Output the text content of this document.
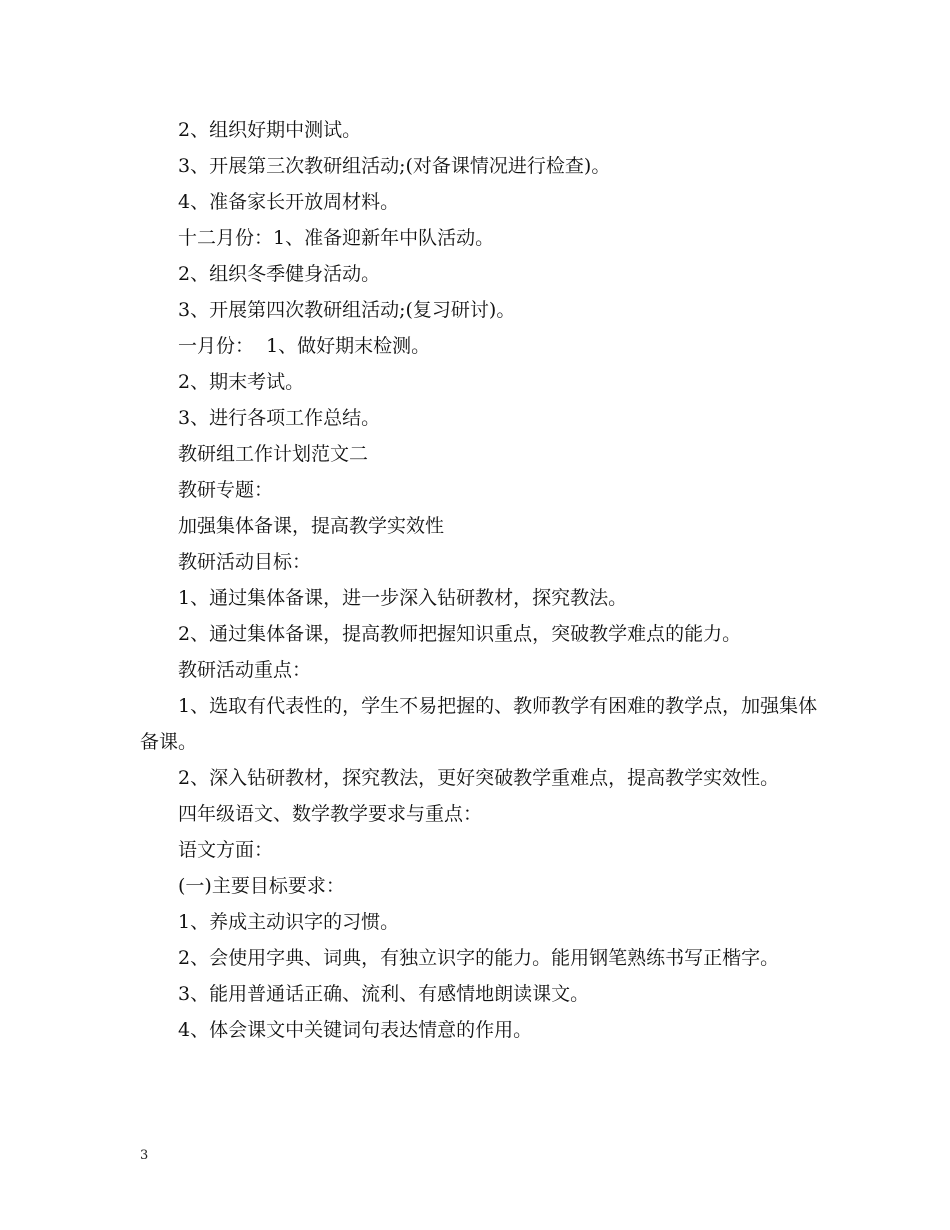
2、组织好期中测试。

3、开展第三次教研组活动;(对备课情况进行检查)。

4、准备家长开放周材料。

十二月份：1、准备迎新年中队活动。

2、组织冬季健身活动。

3、开展第四次教研组活动;(复习研讨)。

一月份：  1、做好期末检测。

2、期末考试。

3、进行各项工作总结。

教研组工作计划范文二

教研专题：

加强集体备课，提高教学实效性

教研活动目标：

1、通过集体备课，进一步深入钻研教材，探究教法。

2、通过集体备课，提高教师把握知识重点，突破教学难点的能力。

教研活动重点：

1、选取有代表性的，学生不易把握的、教师教学有困难的教学点，加强集体备课。

2、深入钻研教材，探究教法，更好突破教学重难点，提高教学实效性。

四年级语文、数学教学要求与重点：

语文方面：

(一)主要目标要求：

1、养成主动识字的习惯。

2、会使用字典、词典，有独立识字的能力。能用钢笔熟练书写正楷字。

3、能用普通话正确、流利、有感情地朗读课文。

4、体会课文中关键词句表达情意的作用。

3
